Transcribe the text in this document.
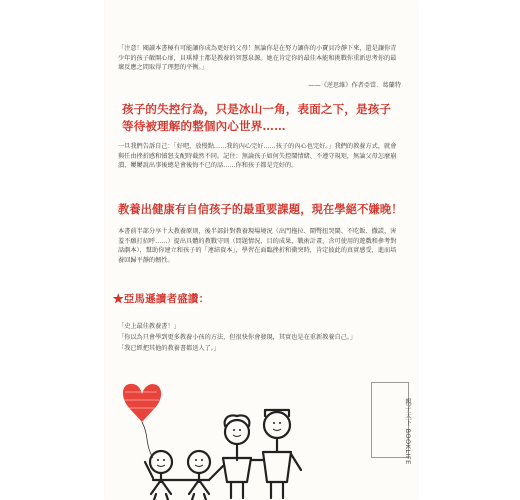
「注意！閱讀本書極有可能讓你成為更好的父母！無論你是在努力讓你的小寶貝冷靜下來，還是讓你青少年的孩子敞開心扉，貝琪博士都是教養的智慧泉源。她在肯定你的最佳本能和挑戰你重新思考你的最壞反應之間取得了理想的平衡。」
——《逆思維》作者亞當．葛蘭特
孩子的失控行為，只是冰山一角，表面之下，是孩子等待被理解的整個內心世界……
一旦我們告訴自己：「好吧，放慢點……我的內心完好……孩子的內心也完好。」我們的教養方式，就會與任由挫折感和憤怒支配時截然不同。記住：無論孩子如何失控鬧情緒、不遵守規矩，無論父母怎麼崩潰、屢屢說出事後總是會後悔不已的話……你和孩子都是完好的。
教養出健康有自信孩子的最重要課題，現在學絕不嫌晚！
本書前半部分享十大教養原則，後半部針對教養現場境況（出門拖拉、鬧彆扭哭鬧、不吃飯、撒謊、害羞不願打招呼……）提出具體的教戰守則（問題情況、目的成果、戰術計畫，含可使用的遊戲和參考對話劇本），幫助你建立和孩子的「連結資本」，學習在面臨挫折和衝突時，肯定彼此的真實感受，進而培養回歸平靜的韌性。
★亞馬遜讀者盛讚：
「史上最佳教養書！」
「你以為只會學到更多教養小孩的方法，但很快你會發現，其實也是在重新教養自己。」
「我已經把其他的教養書都送人了。」
親子天下 BOOKLIFE
